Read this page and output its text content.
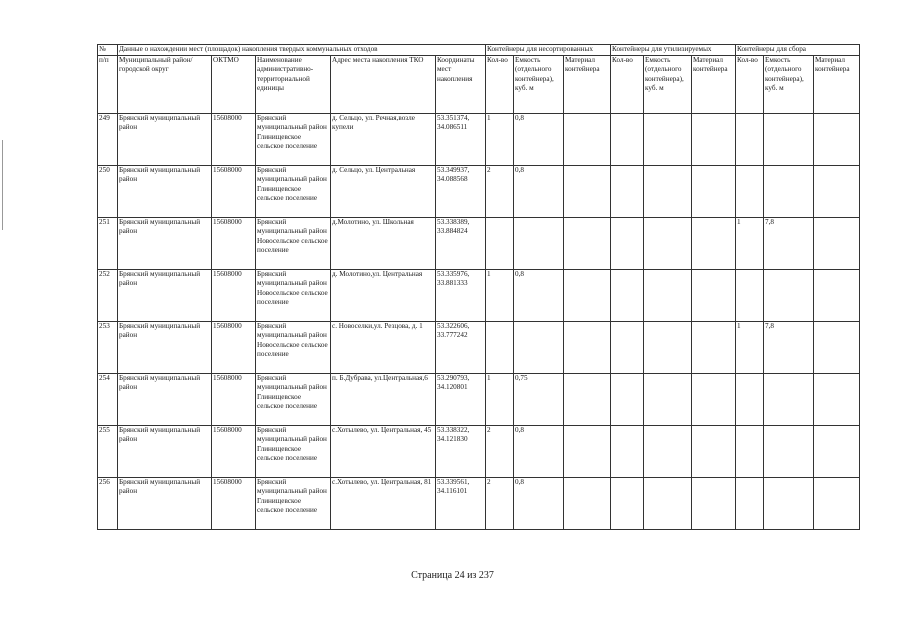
№	Данные о нахождении мест (площадок) накопления твердых коммунальных отходов					Контейнеры для несортированных			Контейнеры для утилизируемых			Контейнеры для сбора		
п/п	Муниципальный район/городской округ	ОКТМО	Наименование административно-территориальной единицы	Адрес места накопления ТКО	Координаты мест накопления	Кол-во	Емкость (отдельного контейнера), куб. м	Материал контейнера	Кол-во	Емкость (отдельного контейнера), куб. м	Материал контейнера	Кол-во	Емкость (отдельного контейнера), куб. м	Материал контейнера
249	Брянский муниципальный район	15608000	Брянский муниципальный район Глинищевское сельское поселение	д. Сельцо, ул. Речная,возле купели	53.351374, 34.086511	1	0,8							
250	Брянский муниципальный район	15608000	Брянский муниципальный район Глинищевское сельское поселение	д. Сельцо, ул. Центральная	53.349937, 34.088568	2	0,8							
251	Брянский муниципальный район	15608000	Брянский муниципальный район Новосельское сельское поселение	д.Молотино, ул. Школьная	53.338389, 33.884824							1	7,8	
252	Брянский муниципальный район	15608000	Брянский муниципальный район Новосельское сельское поселение	д. Молотино,ул. Центральная	53.335976, 33.881333	1	0,8							
253	Брянский муниципальный район	15608000	Брянский муниципальный район Новосельское сельское поселение	с. Новоселки,ул. Резцова, д. 1	53.322606, 33.777242							1	7,8	
254	Брянский муниципальный район	15608000	Брянский муниципальный район Глинищевское сельское поселение	п. Б.Дубрава, ул.Центральная,6	53.290793, 34.120801	1	0,75							
255	Брянский муниципальный район	15608000	Брянский муниципальный район Глинищевское сельское поселение	с.Хотылево, ул. Центральная, 45	53.338322, 34.121830	2	0,8							
256	Брянский муниципальный район	15608000	Брянский муниципальный район Глинищевское сельское поселение	с.Хотылево, ул. Центральная, 81	53.339561, 34.116101	2	0,8							
Страница 24 из 237
